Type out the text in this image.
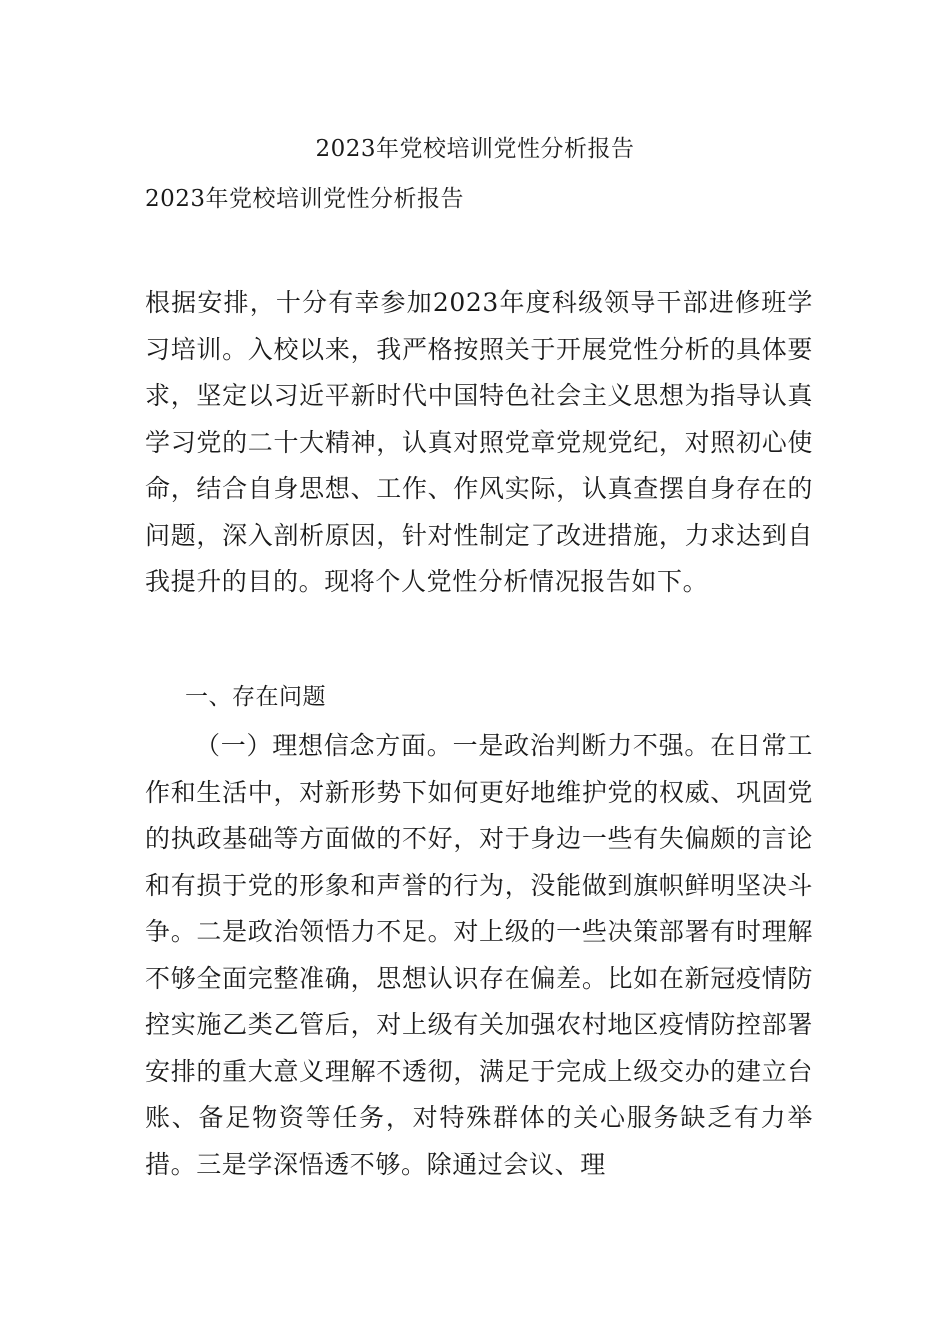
2023年党校培训党性分析报告
2023年党校培训党性分析报告

根据安排，十分有幸参加2023年度科级领导干部进修班学习培训。入校以来，我严格按照关于开展党性分析的具体要求，坚定以习近平新时代中国特色社会主义思想为指导认真学习党的二十大精神，认真对照党章党规党纪，对照初心使命，结合自身思想、工作、作风实际，认真查摆自身存在的问题，深入剖析原因，针对性制定了改进措施，力求达到自我提升的目的。现将个人党性分析情况报告如下。

一、存在问题

（一）理想信念方面。一是政治判断力不强。在日常工作和生活中，对新形势下如何更好地维护党的权威、巩固党的执政基础等方面做的不好，对于身边一些有失偏颇的言论和有损于党的形象和声誉的行为，没能做到旗帜鲜明坚决斗争。二是政治领悟力不足。对上级的一些决策部署有时理解不够全面完整准确，思想认识存在偏差。比如在新冠疫情防控实施乙类乙管后，对上级有关加强农村地区疫情防控部署安排的重大意义理解不透彻，满足于完成上级交办的建立台账、备足物资等任务，对特殊群体的关心服务缺乏有力举措。三是学深悟透不够。除通过会议、理
